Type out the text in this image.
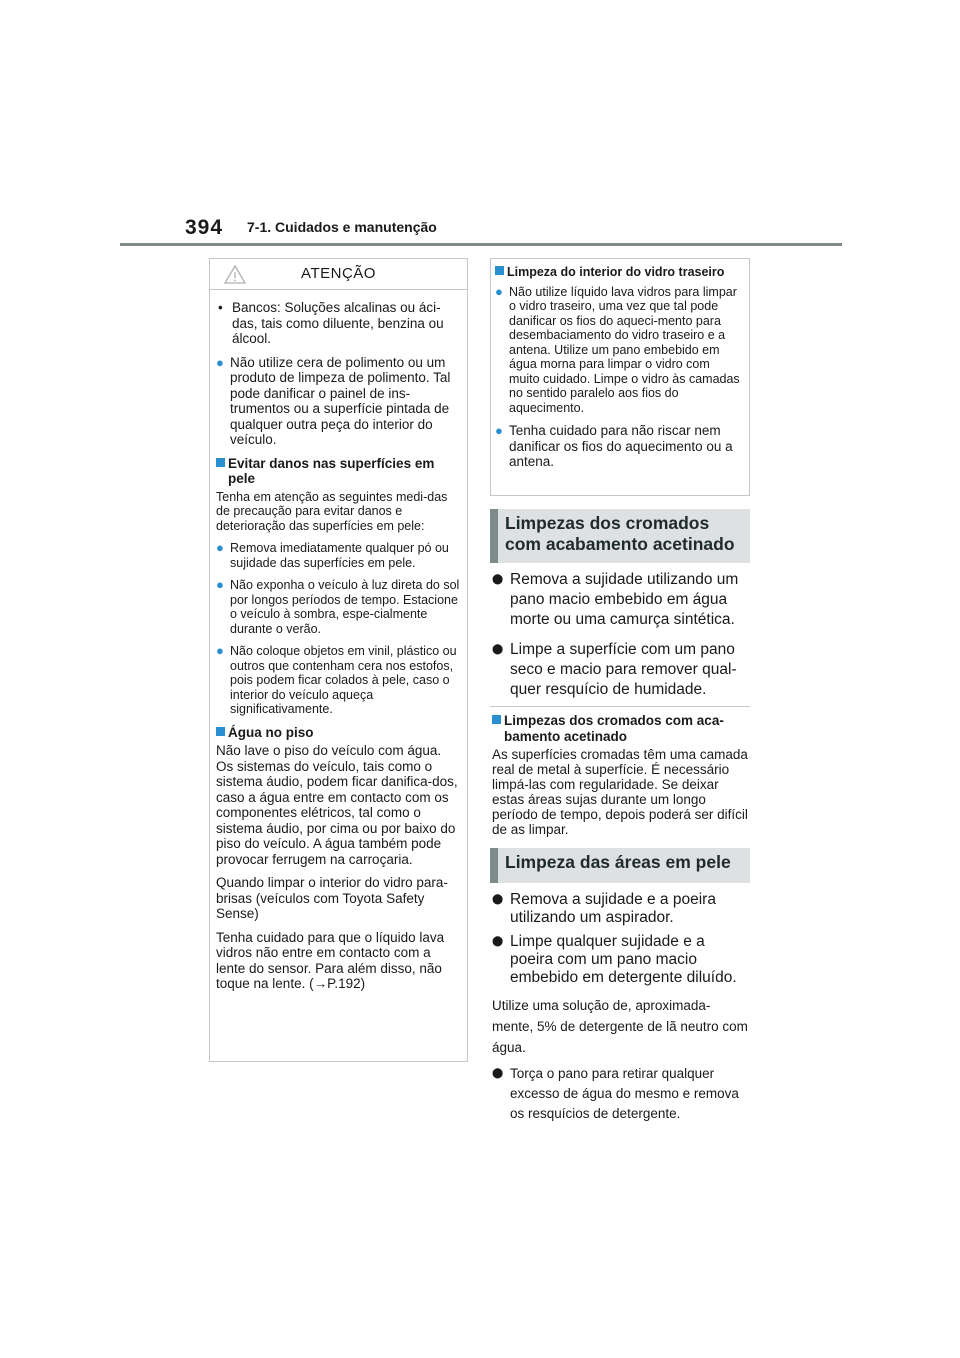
394 7-1. Cuidados e manutenção
ATENÇÃO
• Bancos: Soluções alcalinas ou áci-das, tais como diluente, benzina ou álcool.
● Não utilize cera de polimento ou um produto de limpeza de polimento. Tal pode danificar o painel de ins-trumentos ou a superfície pintada de qualquer outra peça do interior do veículo.
Evitar danos nas superfícies em pele
Tenha em atenção as seguintes medi-das de precaução para evitar danos e deterioração das superfícies em pele:
● Remova imediatamente qualquer pó ou sujidade das superfícies em pele.
● Não exponha o veículo à luz direta do sol por longos períodos de tempo. Estacione o veículo à sombra, espe-cialmente durante o verão.
● Não coloque objetos em vinil, plástico ou outros que contenham cera nos estofos, pois podem ficar colados à pele, caso o interior do veículo aqueça significativamente.
Água no piso
Não lave o piso do veículo com água. Os sistemas do veículo, tais como o sistema áudio, podem ficar danifica-dos, caso a água entre em contacto com os componentes elétricos, tal como o sistema áudio, por cima ou por baixo do piso do veículo. A água também pode provocar ferrugem na carroçaria.
Quando limpar o interior do vidro para-brisas (veículos com Toyota Safety Sense)
Tenha cuidado para que o líquido lava vidros não entre em contacto com a lente do sensor. Para além disso, não toque na lente. (→P.192)
Limpeza do interior do vidro traseiro
● Não utilize líquido lava vidros para limpar o vidro traseiro, uma vez que tal pode danificar os fios do aqueci-mento para desembaciamento do vidro traseiro e a antena. Utilize um pano embebido em água morna para limpar o vidro com muito cuidado. Limpe o vidro às camadas no sentido paralelo aos fios do aquecimento.
● Tenha cuidado para não riscar nem danificar os fios do aquecimento ou a antena.
Limpezas dos cromados com acabamento acetinado
⬤ Remova a sujidade utilizando um pano macio embebido em água morte ou uma camurça sintética.
⬤ Limpe a superfície com um pano seco e macio para remover qual-quer resquício de humidade.
Limpezas dos cromados com aca-bamento acetinado
As superfícies cromadas têm uma camada real de metal à superfície. É necessário limpá-las com regularidade. Se deixar estas áreas sujas durante um longo período de tempo, depois poderá ser difícil de as limpar.
Limpeza das áreas em pele
⬤ Remova a sujidade e a poeira utilizando um aspirador.
⬤ Limpe qualquer sujidade e a poeira com um pano macio embebido em detergente diluído.
Utilize uma solução de, aproximada-mente, 5% de detergente de lã neutro com água.
⬤ Torça o pano para retirar qualquer excesso de água do mesmo e remova os resquícios de detergente.
